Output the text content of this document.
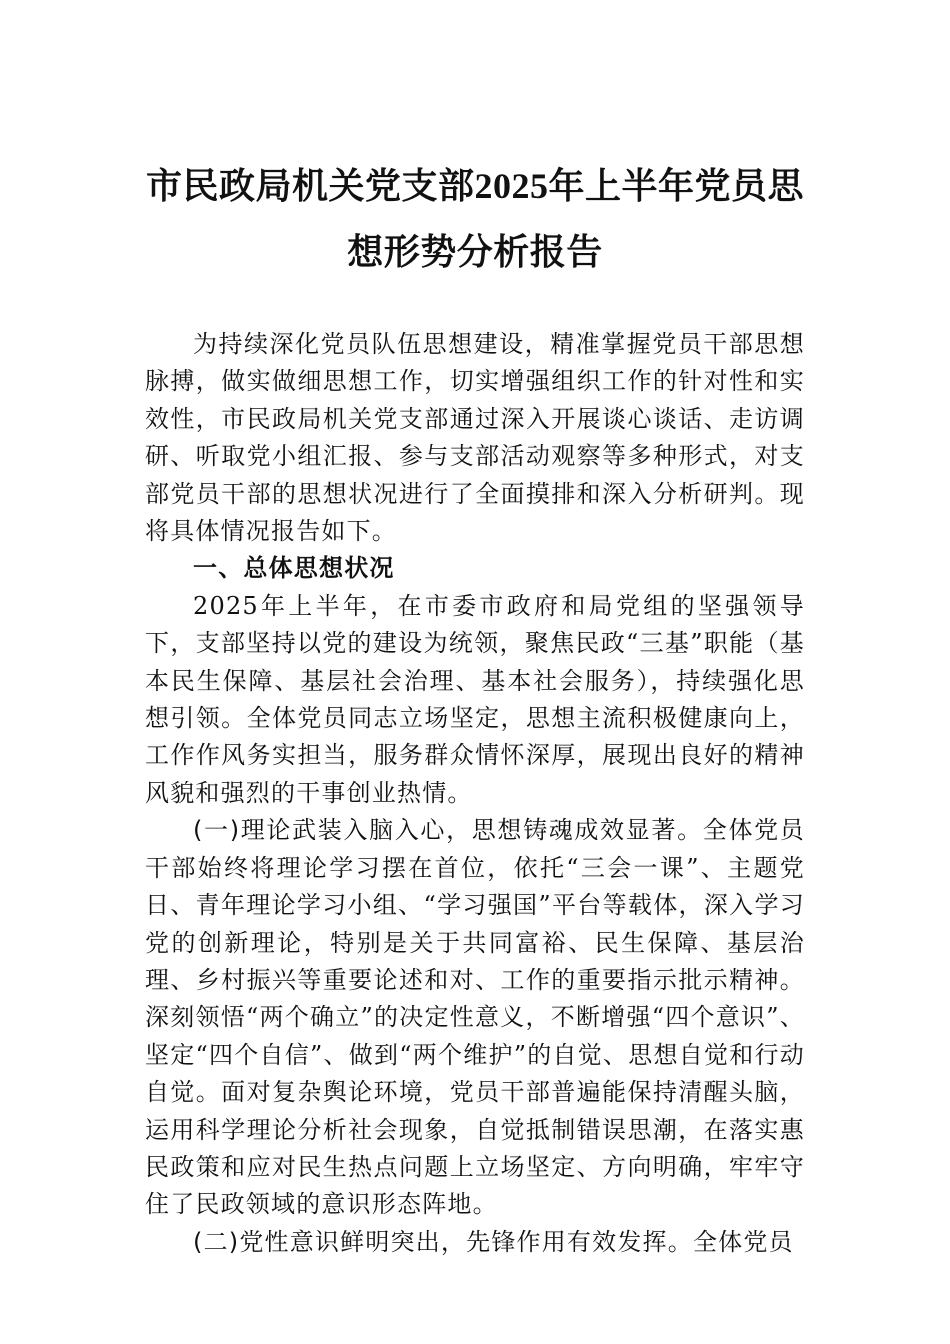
市民政局机关党支部2025年上半年党员思
想形势分析报告

为持续深化党员队伍思想建设，精准掌握党员干部思想脉搏，做实做细思想工作，切实增强组织工作的针对性和实效性，市民政局机关党支部通过深入开展谈心谈话、走访调研、听取党小组汇报、参与支部活动观察等多种形式，对支部党员干部的思想状况进行了全面摸排和深入分析研判。现将具体情况报告如下。

一、总体思想状况

2025年上半年，在市委市政府和局党组的坚强领导下，支部坚持以党的建设为统领，聚焦民政“三基”职能（基本民生保障、基层社会治理、基本社会服务），持续强化思想引领。全体党员同志立场坚定，思想主流积极健康向上，工作作风务实担当，服务群众情怀深厚，展现出良好的精神风貌和强烈的干事创业热情。

(一)理论武装入脑入心，思想铸魂成效显著。全体党员干部始终将理论学习摆在首位，依托“三会一课”、主题党日、青年理论学习小组、“学习强国”平台等载体，深入学习党的创新理论，特别是关于共同富裕、民生保障、基层治理、乡村振兴等重要论述和对、工作的重要指示批示精神。深刻领悟“两个确立”的决定性意义，不断增强“四个意识”、坚定“四个自信”、做到“两个维护”的自觉、思想自觉和行动自觉。面对复杂舆论环境，党员干部普遍能保持清醒头脑，运用科学理论分析社会现象，自觉抵制错误思潮，在落实惠民政策和应对民生热点问题上立场坚定、方向明确，牢牢守住了民政领域的意识形态阵地。

(二)党性意识鲜明突出，先锋作用有效发挥。全体党员
